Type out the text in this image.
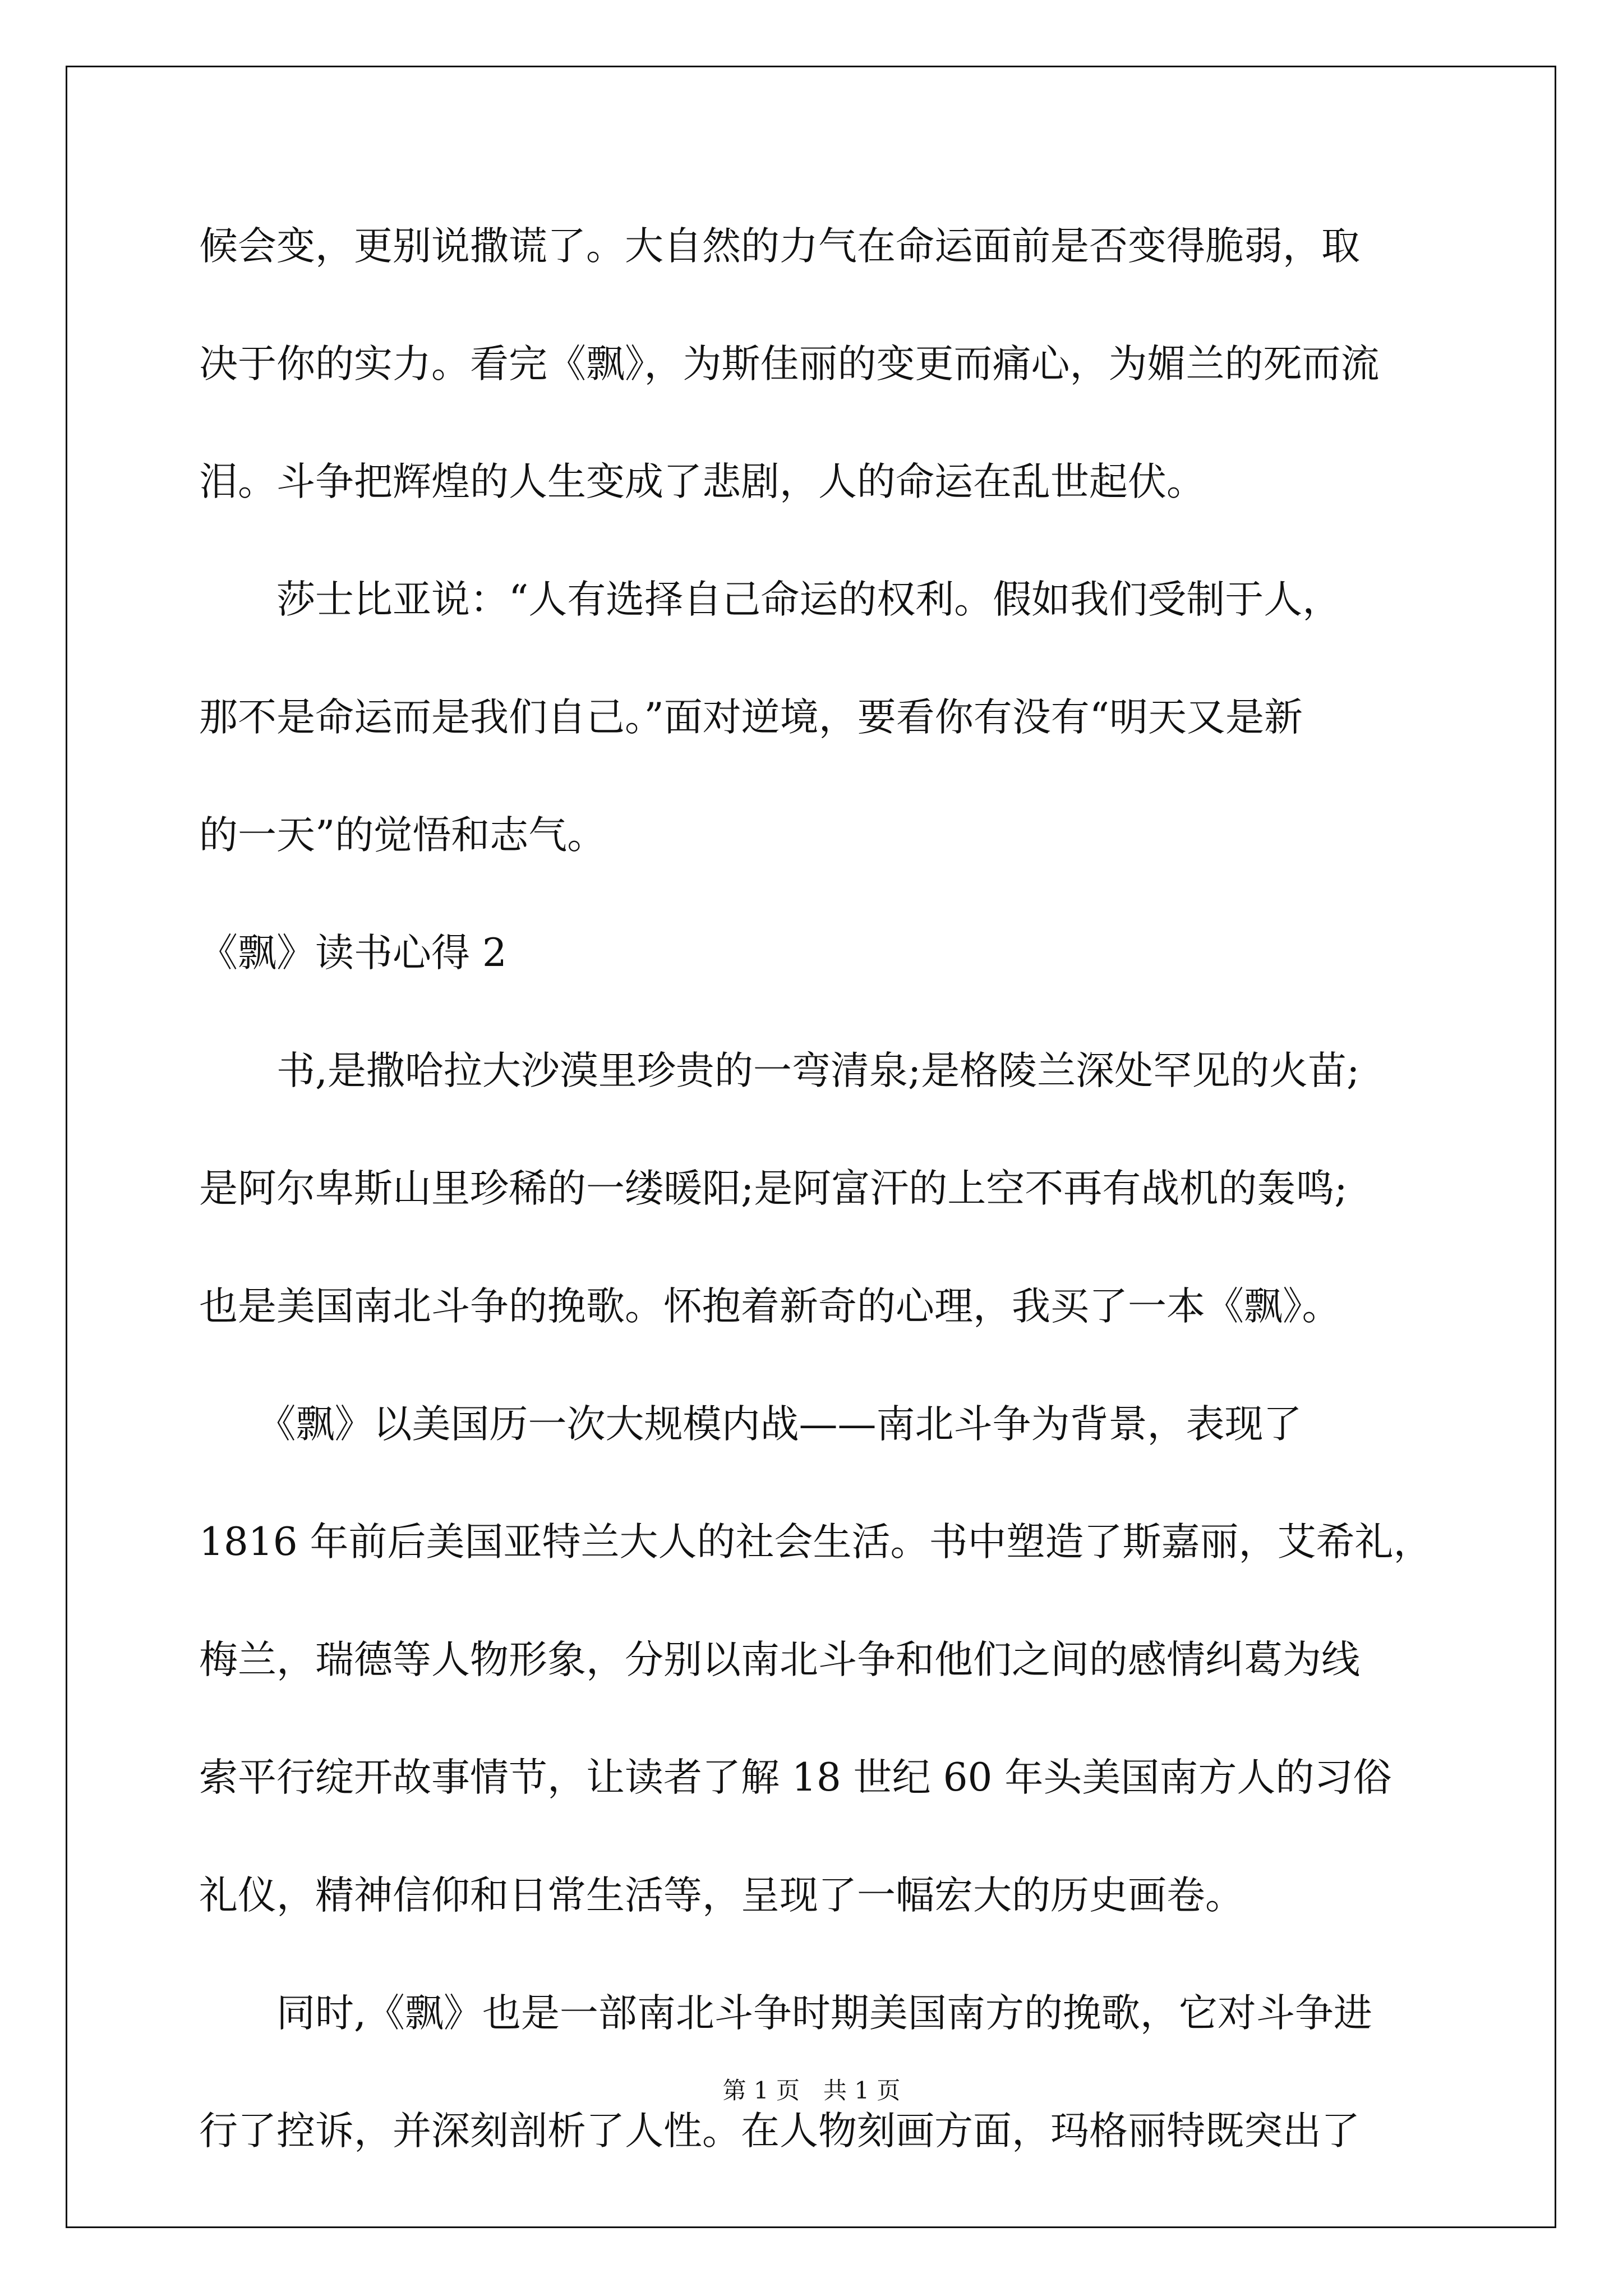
候会变，更别说撒谎了。大自然的力气在命运面前是否变得脆弱，取
决于你的实力。看完《飘》，为斯佳丽的变更而痛心，为媚兰的死而流
泪。斗争把辉煌的人生变成了悲剧，人的命运在乱世起伏。
　　莎士比亚说：“人有选择自己命运的权利。假如我们受制于人，
那不是命运而是我们自己。”面对逆境，要看你有没有“明天又是新
的一天”的觉悟和志气。
《飘》读书心得 2
　　书,是撒哈拉大沙漠里珍贵的一弯清泉;是格陵兰深处罕见的火苗;
是阿尔卑斯山里珍稀的一缕暖阳;是阿富汗的上空不再有战机的轰鸣;
也是美国南北斗争的挽歌。怀抱着新奇的心理，我买了一本《飘》。
　　《飘》以美国历一次大规模内战——南北斗争为背景，表现了
1816 年前后美国亚特兰大人的社会生活。书中塑造了斯嘉丽，艾希礼，
梅兰，瑞德等人物形象，分别以南北斗争和他们之间的感情纠葛为线
索平行绽开故事情节，让读者了解 18 世纪 60 年头美国南方人的习俗
礼仪，精神信仰和日常生活等，呈现了一幅宏大的历史画卷。
　　同时,《飘》也是一部南北斗争时期美国南方的挽歌，它对斗争进
行了控诉，并深刻剖析了人性。在人物刻画方面，玛格丽特既突出了
第 1 页　共 1 页
